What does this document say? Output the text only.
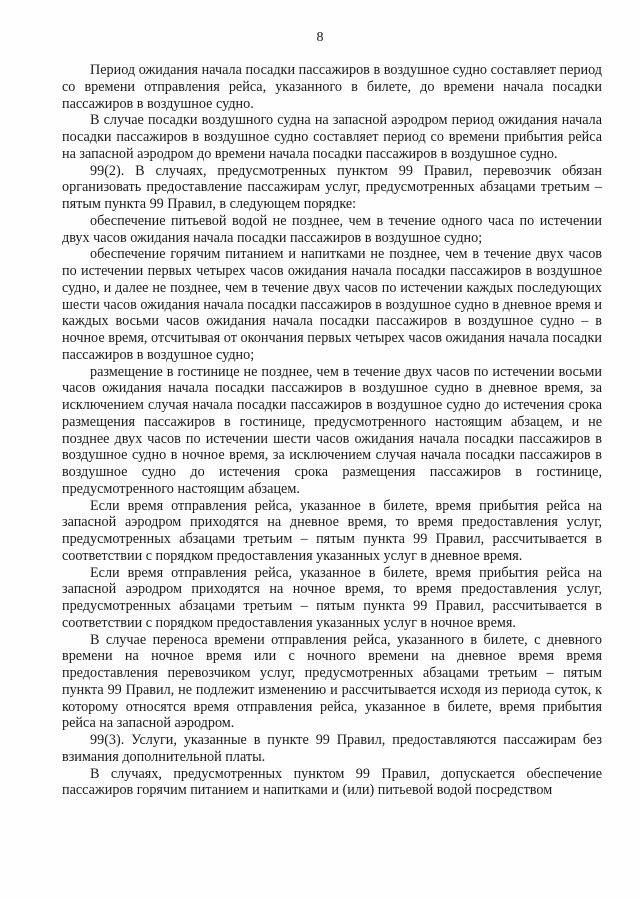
8

Период ожидания начала посадки пассажиров в воздушное судно составляет период со времени отправления рейса, указанного в билете, до времени начала посадки пассажиров в воздушное судно.

В случае посадки воздушного судна на запасной аэродром период ожидания начала посадки пассажиров в воздушное судно составляет период со времени прибытия рейса на запасной аэродром до времени начала посадки пассажиров в воздушное судно.

99(2). В случаях, предусмотренных пунктом 99 Правил, перевозчик обязан организовать предоставление пассажирам услуг, предусмотренных абзацами третьим – пятым пункта 99 Правил, в следующем порядке:

обеспечение питьевой водой не позднее, чем в течение одного часа по истечении двух часов ожидания начала посадки пассажиров в воздушное судно;

обеспечение горячим питанием и напитками не позднее, чем в течение двух часов по истечении первых четырех часов ожидания начала посадки пассажиров в воздушное судно, и далее не позднее, чем в течение двух часов по истечении каждых последующих шести часов ожидания начала посадки пассажиров в воздушное судно в дневное время и каждых восьми часов ожидания начала посадки пассажиров в воздушное судно – в ночное время, отсчитывая от окончания первых четырех часов ожидания начала посадки пассажиров в воздушное судно;

размещение в гостинице не позднее, чем в течение двух часов по истечении восьми часов ожидания начала посадки пассажиров в воздушное судно в дневное время, за исключением случая начала посадки пассажиров в воздушное судно до истечения срока размещения пассажиров в гостинице, предусмотренного настоящим абзацем, и не позднее двух часов по истечении шести часов ожидания начала посадки пассажиров в воздушное судно в ночное время, за исключением случая начала посадки пассажиров в воздушное судно до истечения срока размещения пассажиров в гостинице, предусмотренного настоящим абзацем.

Если время отправления рейса, указанное в билете, время прибытия рейса на запасной аэродром приходятся на дневное время, то время предоставления услуг, предусмотренных абзацами третьим – пятым пункта 99 Правил, рассчитывается в соответствии с порядком предоставления указанных услуг в дневное время.

Если время отправления рейса, указанное в билете, время прибытия рейса на запасной аэродром приходятся на ночное время, то время предоставления услуг, предусмотренных абзацами третьим – пятым пункта 99 Правил, рассчитывается в соответствии с порядком предоставления указанных услуг в ночное время.

В случае переноса времени отправления рейса, указанного в билете, с дневного времени на ночное время или с ночного времени на дневное время время предоставления перевозчиком услуг, предусмотренных абзацами третьим – пятым пункта 99 Правил, не подлежит изменению и рассчитывается исходя из периода суток, к которому относятся время отправления рейса, указанное в билете, время прибытия рейса на запасной аэродром.

99(3). Услуги, указанные в пункте 99 Правил, предоставляются пассажирам без взимания дополнительной платы.

В случаях, предусмотренных пунктом 99 Правил, допускается обеспечение пассажиров горячим питанием и напитками и (или) питьевой водой посредством
